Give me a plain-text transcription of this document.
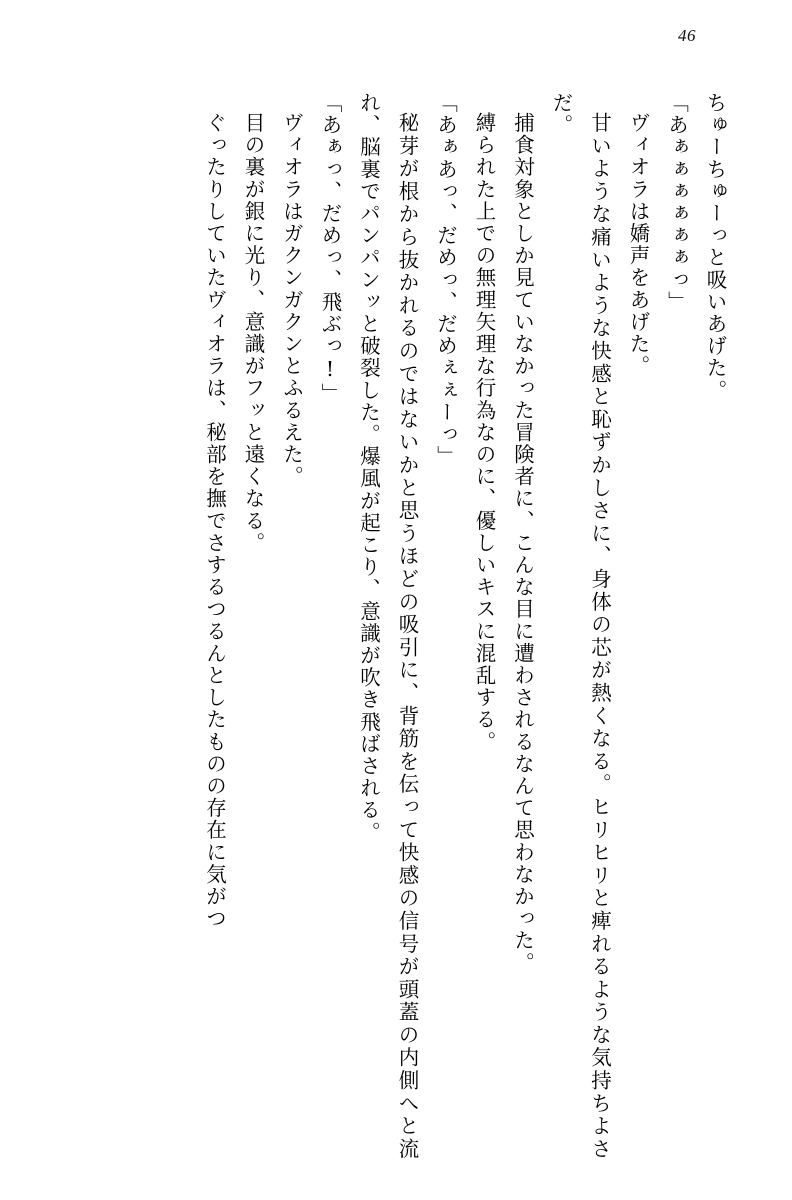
46

ちゅーちゅーっと吸いあげた。

「あぁぁぁぁぁぁっ」

ヴィオラは嬌声をあげた。

甘いような痛いような快感と恥ずかしさに、身体の芯が熱くなる。ヒリヒリと痺れるような気持ちよさだ。

捕食対象としか見ていなかった冒険者に、こんな目に遭わされるなんて思わなかった。

縛られた上での無理矢理な行為なのに、優しいキスに混乱する。

「あぁあっ、だめっ、だめぇぇーっ」

秘芽が根から抜かれるのではないかと思うほどの吸引に、背筋を伝って快感の信号が頭蓋の内側へと流れ、脳裏でパンパンッと破裂した。爆風が起こり、意識が吹き飛ばされる。

「あぁっ、だめっ、飛ぶっ!」

ヴィオラはガクンガクンとふるえた。

目の裏が銀に光り、意識がフッと遠くなる。

ぐったりしていたヴィオラは、秘部を撫でさするつるんとしたものの存在に気がつ
